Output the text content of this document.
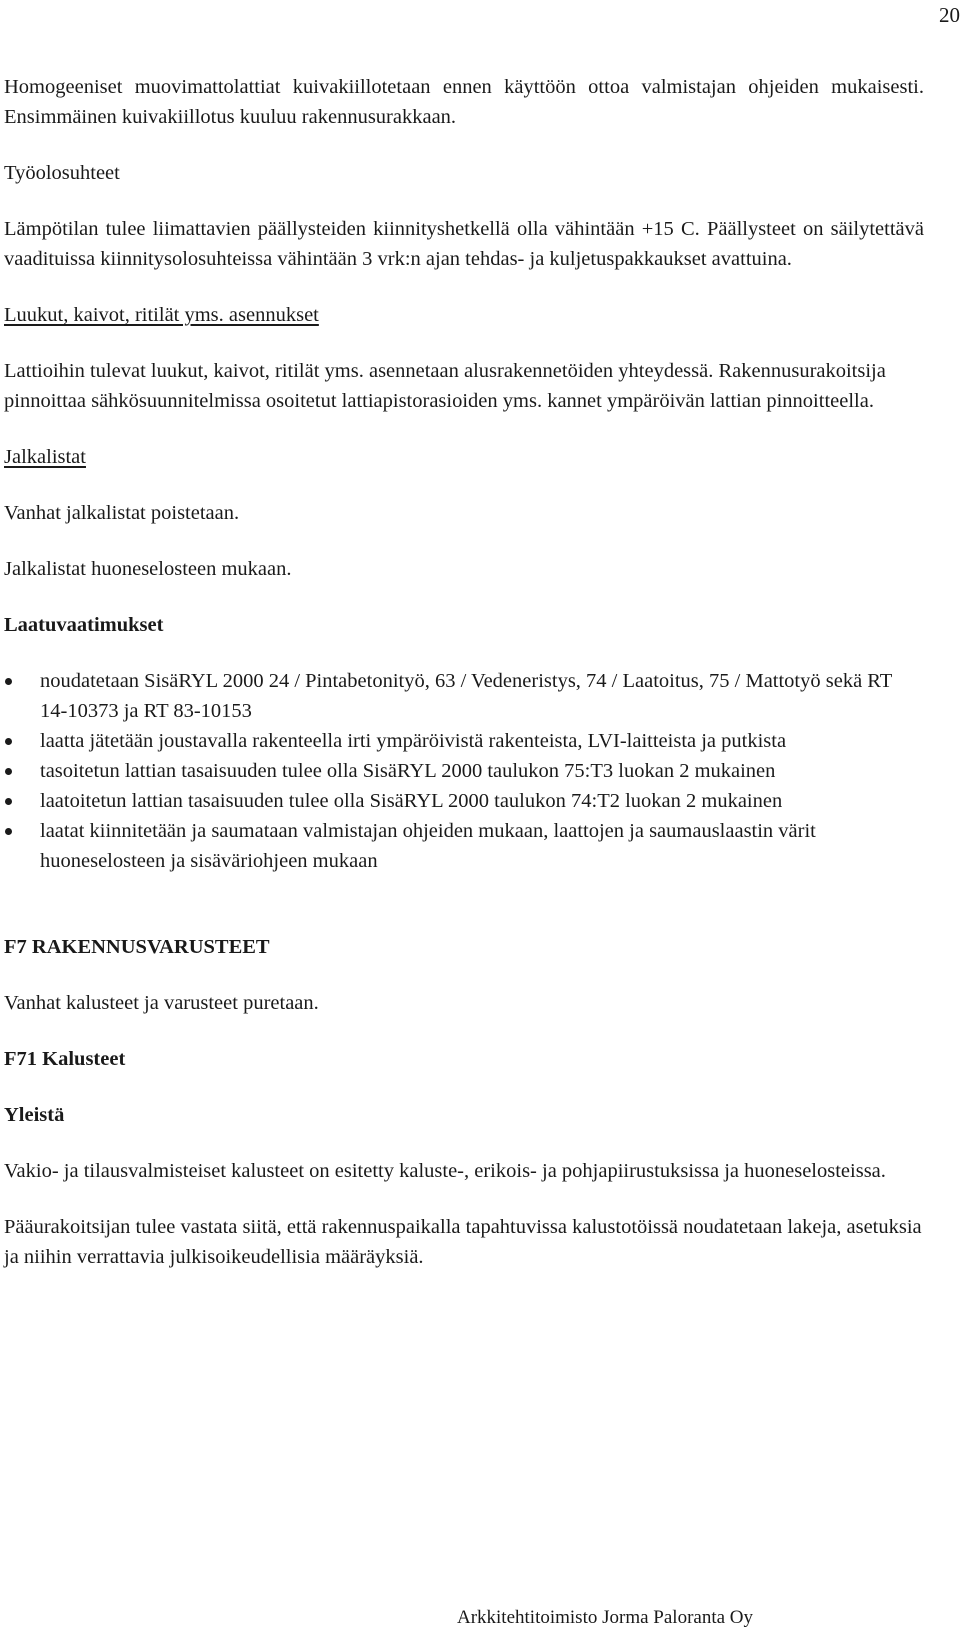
20

Homogeeniset muovimattolattiat kuivakiillotetaan ennen käyttöön ottoa valmistajan ohjeiden mukaisesti. Ensimmäinen kuivakiillotus kuuluu rakennusurakkaan.

Työolosuhteet

Lämpötilan tulee liimattavien päällysteiden kiinnityshetkellä olla vähintään +15 C. Päällysteet on säilytettävä vaadituissa kiinnitysolosuhteissa vähintään 3 vrk:n ajan tehdas- ja kuljetuspakkaukset avattuina.

Luukut, kaivot, ritilät yms. asennukset

Lattioihin tulevat luukut, kaivot, ritilät yms. asennetaan alusrakennetöiden yhteydessä. Rakennusurakoitsija pinnoittaa sähkösuunnitelmissa osoitetut lattiapistorasioiden yms. kannet ympäröivän lattian pinnoitteella.

Jalkalistat

Vanhat jalkalistat poistetaan.

Jalkalistat huoneselosteen mukaan.

Laatuvaatimukset

noudatetaan SisäRYL 2000 24 / Pintabetonityö, 63 / Vedeneristys, 74 / Laatoitus, 75 / Mattotyö sekä RT 14-10373 ja RT 83-10153
laatta jätetään joustavalla rakenteella irti ympäröivistä rakenteista, LVI-laitteista ja putkista
tasoitetun lattian tasaisuuden tulee olla SisäRYL 2000 taulukon 75:T3 luokan 2 mukainen
laatoitetun lattian tasaisuuden tulee olla SisäRYL 2000 taulukon 74:T2 luokan 2 mukainen
laatat kiinnitetään ja saumataan valmistajan ohjeiden mukaan, laattojen ja saumauslaastin värit huoneselosteen ja sisäväriohjeen mukaan

F7 RAKENNUSVARUSTEET

Vanhat kalusteet ja varusteet puretaan.

F71 Kalusteet

Yleistä

Vakio- ja tilausvalmisteiset kalusteet on esitetty kaluste-, erikois- ja pohjapiirustuksissa ja huoneselosteissa.

Pääurakoitsijan tulee vastata siitä, että rakennuspaikalla tapahtuvissa kalustotöissä noudatetaan lakeja, asetuksia ja niihin verrattavia julkisoikeudellisia määräyksiä.

Arkkitehtitoimisto Jorma Paloranta Oy
